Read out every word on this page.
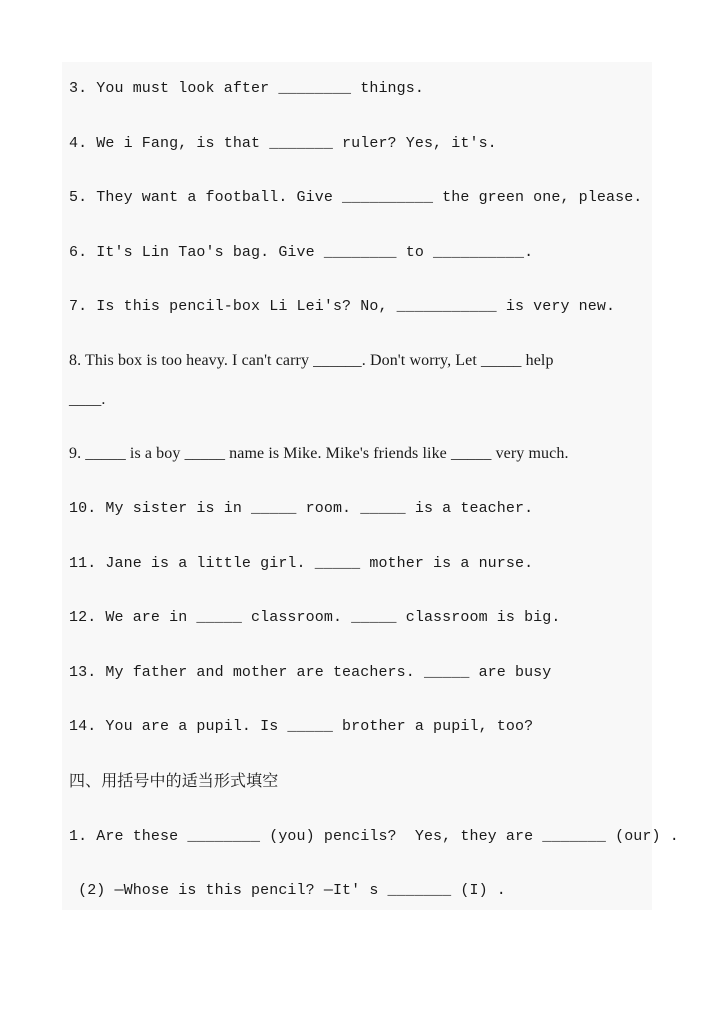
3. You must look after ________ things.
4. We i Fang, is that _______ ruler? Yes, it's.
5. They want a football. Give __________ the green one, please.
6. It's Lin Tao's bag. Give ________ to __________.
7. Is this pencil-box Li Lei's? No, ___________ is very new.
8. This box is too heavy. I can't carry ______. Don't worry, Let _____ help
____.
9. _____ is a boy _____ name is Mike. Mike's friends like _____ very much.
10. My sister is in _____ room. _____ is a teacher.
11. Jane is a little girl. _____ mother is a nurse.
12. We are in _____ classroom. _____ classroom is big.
13. My father and mother are teachers. _____ are busy
14. You are a pupil. Is _____ brother a pupil, too?
四、用括号中的适当形式填空
1. Are these ________ (you) pencils?  Yes, they are _______ (our) .
(2) —Whose is this pencil? —It' s _______ (I) .
